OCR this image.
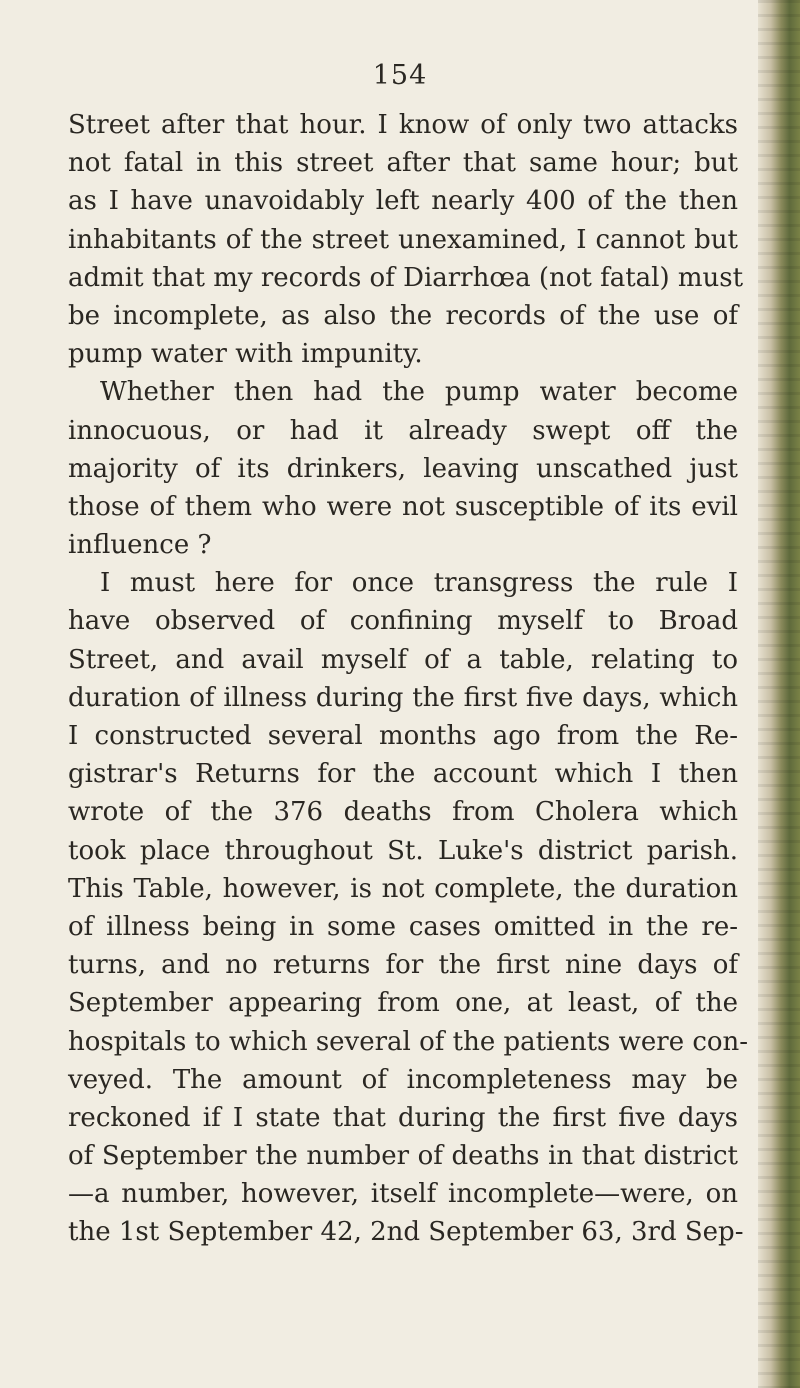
154
Street after that hour. I know of only two attacks
not fatal in this street after that same hour; but
as I have unavoidably left nearly 400 of the then
inhabitants of the street unexamined, I cannot but
admit that my records of Diarrhœa (not fatal) must
be incomplete, as also the records of the use of
pump water with impunity.
Whether then had the pump water become
innocuous, or had it already swept off the
majority of its drinkers, leaving unscathed just
those of them who were not susceptible of its evil
influence ?
I must here for once transgress the rule I
have observed of confining myself to Broad
Street, and avail myself of a table, relating to
duration of illness during the first five days, which
I constructed several months ago from the Re-
gistrar's Returns for the account which I then
wrote of the 376 deaths from Cholera which
took place throughout St. Luke's district parish.
This Table, however, is not complete, the duration
of illness being in some cases omitted in the re-
turns, and no returns for the first nine days of
September appearing from one, at least, of the
hospitals to which several of the patients were con-
veyed. The amount of incompleteness may be
reckoned if I state that during the first five days
of September the number of deaths in that district
—a number, however, itself incomplete—were, on
the 1st September 42, 2nd September 63, 3rd Sep-
